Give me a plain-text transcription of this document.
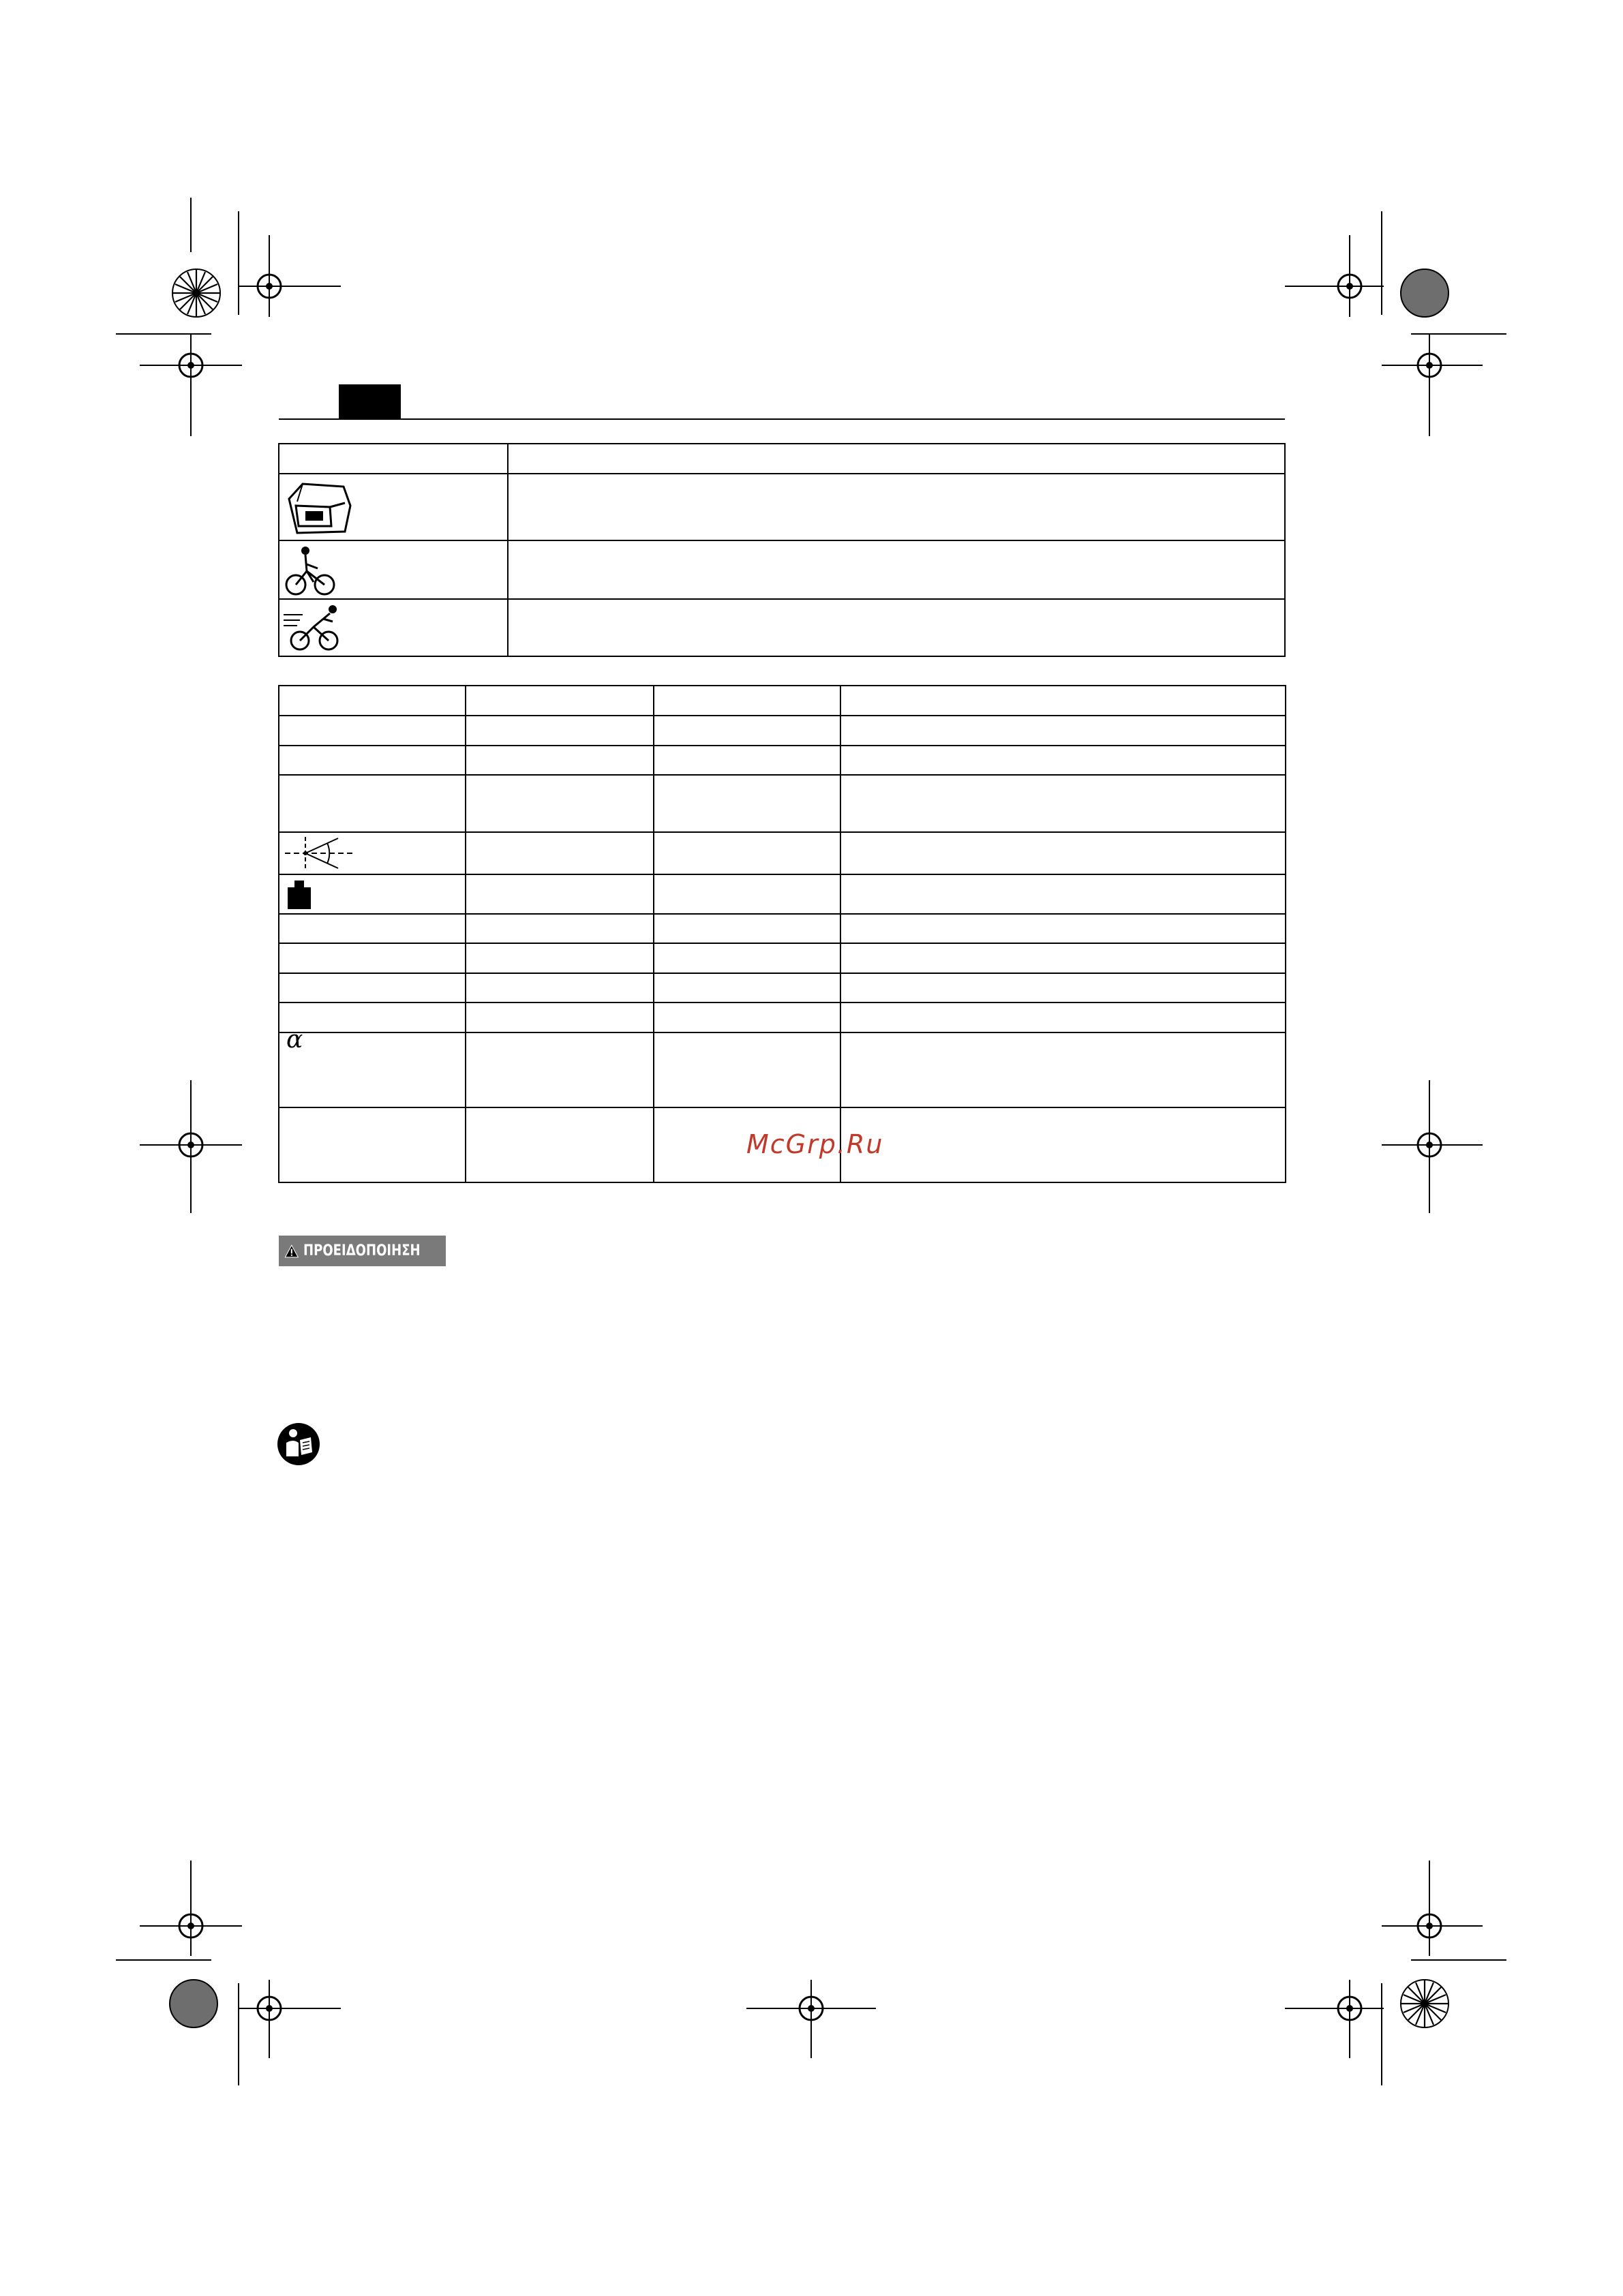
α
McGrp.Ru
ΠΡΟΕΙΔΟΠΟΙΗΣΗ
